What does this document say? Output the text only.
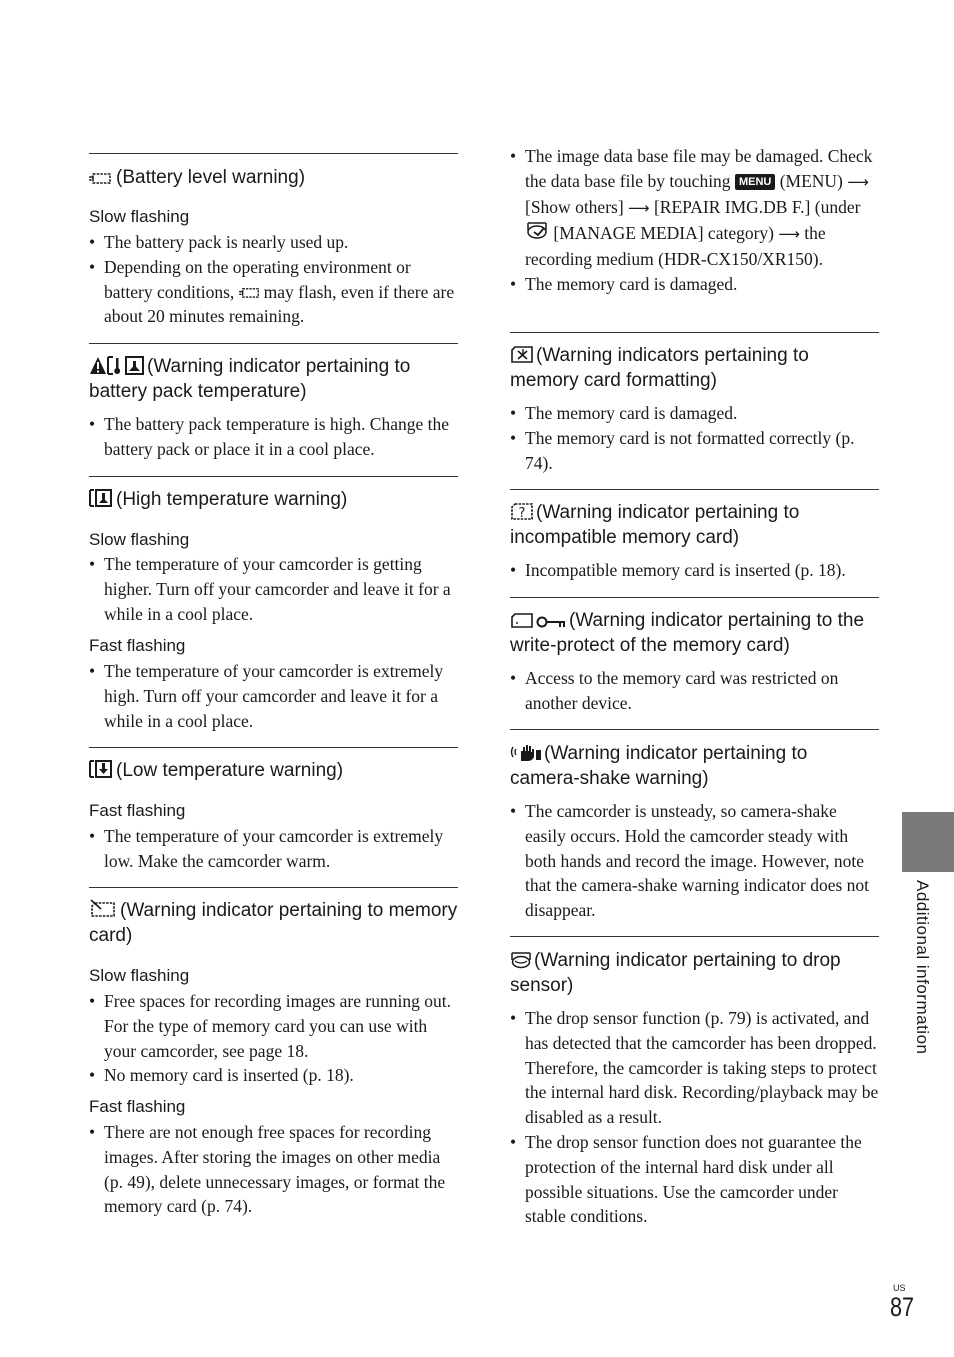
(Battery level warning)
Slow flashing
• The battery pack is nearly used up.
• Depending on the operating environment or battery conditions, may flash, even if there are about 20 minutes remaining.
(Warning indicator pertaining to battery pack temperature)
• The battery pack temperature is high. Change the battery pack or place it in a cool place.
(High temperature warning)
Slow flashing
• The temperature of your camcorder is getting higher. Turn off your camcorder and leave it for a while in a cool place.
Fast flashing
• The temperature of your camcorder is extremely high. Turn off your camcorder and leave it for a while in a cool place.
(Low temperature warning)
Fast flashing
• The temperature of your camcorder is extremely low. Make the camcorder warm.
(Warning indicator pertaining to memory card)
Slow flashing
• Free spaces for recording images are running out. For the type of memory card you can use with your camcorder, see page 18.
• No memory card is inserted (p. 18).
Fast flashing
• There are not enough free spaces for recording images. After storing the images on other media (p. 49), delete unnecessary images, or format the memory card (p. 74).
• The image data base file may be damaged. Check the data base file by touching MENU (MENU) ⟶ [Show others] ⟶ [REPAIR IMG.DB F.] (under
[MANAGE MEDIA] category) ⟶ the recording medium (HDR-CX150/XR150).
• The memory card is damaged.
(Warning indicators pertaining to memory card formatting)
• The memory card is damaged.
• The memory card is not formatted correctly (p. 74).
? (Warning indicator pertaining to incompatible memory card)
• Incompatible memory card is inserted (p. 18).
(Warning indicator pertaining to the write-protect of the memory card)
• Access to the memory card was restricted on another device.
(Warning indicator pertaining to camera-shake warning)
• The camcorder is unsteady, so camera-shake easily occurs. Hold the camcorder steady with both hands and record the image. However, note that the camera-shake warning indicator does not disappear.
(Warning indicator pertaining to drop sensor)
• The drop sensor function (p. 79) is activated, and has detected that the camcorder has been dropped. Therefore, the camcorder is taking steps to protect the internal hard disk. Recording/playback may be disabled as a result.
• The drop sensor function does not guarantee the protection of the internal hard disk under all possible situations. Use the camcorder under stable conditions.
Additional information
US
87
